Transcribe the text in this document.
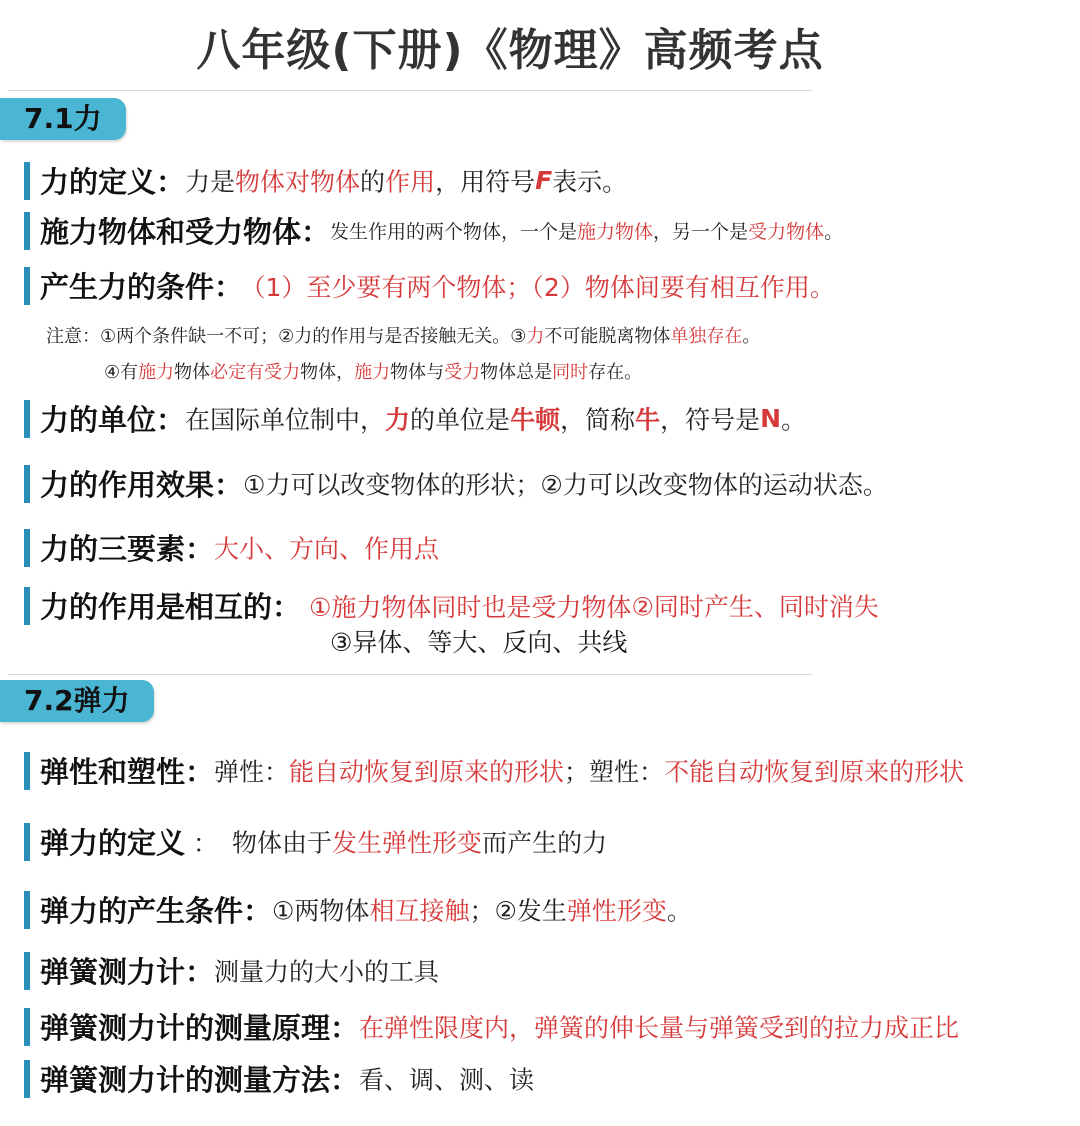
八年级(下册)《物理》高频考点
7.1力
力的定义：力是物体对物体的作用，用符号F表示。
施力物体和受力物体：发生作用的两个物体，一个是施力物体，另一个是受力物体。
产生力的条件： （1）至少要有两个物体；（2）物体间要有相互作用。
注意：①两个条件缺一不可；②力的作用与是否接触无关。③力不可能脱离物体单独存在。
④有施力物体必定有受力物体，施力物体与受力物体总是同时存在。
力的单位：在国际单位制中，力的单位是牛顿，简称牛，符号是N。
力的作用效果：①力可以改变物体的形状；②力可以改变物体的运动状态。
力的三要素：大小、方向、作用点
力的作用是相互的： ①施力物体同时也是受力物体②同时产生、同时消失
③异体、等大、反向、共线
7.2弹力
弹性和塑性：弹性：能自动恢复到原来的形状；塑性：不能自动恢复到原来的形状
弹力的定义 ： 物体由于发生弹性形变而产生的力
弹力的产生条件：①两物体相互接触；②发生弹性形变。
弹簧测力计：测量力的大小的工具
弹簧测力计的测量原理：在弹性限度内，弹簧的伸长量与弹簧受到的拉力成正比
弹簧测力计的测量方法：看、调、测、读
